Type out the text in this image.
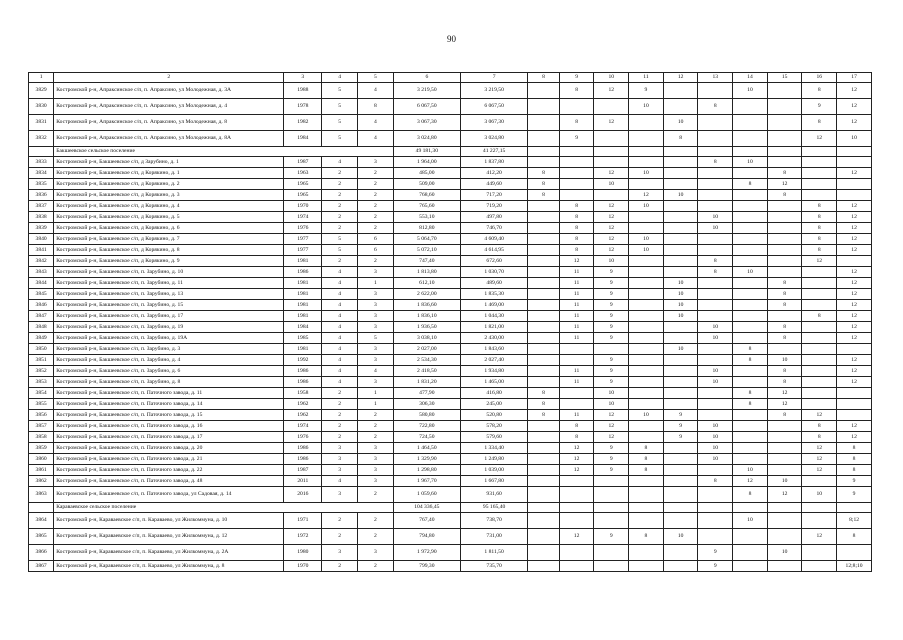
90
1	2	3	4	5	6	7	8	9	10	11	12	13	14	15	16	17
3829	Костромской р-н, Апраксинское с/п, п. Апраксино, ул Молодежная, д. 3А	1988	5	4	3 219,50	3 219,50		8	12	9			10		8	12
3830	Костромской р-н, Апраксинское с/п, п. Апраксино, ул Молодежная, д. 4	1978	5	8	6 067,50	6 067,50				10		8			9	12
3831	Костромской р-н, Апраксинское с/п, п. Апраксино, ул Молодежная, д. 8	1982	5	4	3 067,30	3 067,30		8	12		10				8	12
3832	Костромской р-н, Апраксинское с/п, п. Апраксино, ул Молодежная, д. 8А	1984	5	4	3 024,80	3 024,80		9			8				12	10
	Бакшеевское сельское поселение				49 181,30	41 227,15										
3833	Костромской р-н, Бакшеевское с/п, д Зарубино, д. 1	1987	4	3	1 964,00	1 837,80						8	10			
3834	Костромской р-н, Бакшеевское с/п, д Корякино, д. 1	1963	2	2	485,00	412,20	8		12	10				8		12
3835	Костромской р-н, Бакшеевское с/п, д Корякино, д. 2	1965	2	2	509,00	449,60	8		10				8	12		
3836	Костромской р-н, Бакшеевское с/п, д Корякино, д. 3	1965	2	2	768,60	717,20	8			12	10			8		
3837	Костромской р-н, Бакшеевское с/п, д Корякино, д. 4	1970	2	2	765,60	719,20		8	12	10					8	12
3838	Костромской р-н, Бакшеевское с/п, д Корякино, д. 5	1974	2	2	553,10	497,80		8	12			10			8	12
3839	Костромской р-н, Бакшеевское с/п, д Корякино, д. 6	1976	2	2	812,80	746,70		8	12			10			8	12
3840	Костромской р-н, Бакшеевское с/п, д Корякино, д. 7	1977	5	6	5 064,70	4 609,40		8	12	10					8	12
3841	Костромской р-н, Бакшеевское с/п, д Корякино, д. 8	1977	5	6	5 072,10	4 614,95		8	12	10					8	12
3842	Костромской р-н, Бакшеевское с/п, д Корякино, д. 9	1981	2	2	747,40	672,60		12	10			8			12	
3843	Костромской р-н, Бакшеевское с/п, п. Зарубино, д. 10	1986	4	3	1 813,80	1 030,70		11	9			8	10			12
3844	Костромской р-н, Бакшеевское с/п, п. Зарубино, д. 11	1981	4	1	612,10	489,60		11	9		10			8		12
3845	Костромской р-н, Бакшеевское с/п, п. Зарубино, д. 13	1981	4	3	2 622,00	1 835,30		11	9		10			8		12
3846	Костромской р-н, Бакшеевское с/п, п. Зарубино, д. 15	1981	4	3	1 836,60	1 469,00		11	9		10			8		12
3847	Костромской р-н, Бакшеевское с/п, п. Зарубино, д. 17	1981	4	3	1 836,10	1 044,30		11	9		10				8	12
3848	Костромской р-н, Бакшеевское с/п, п. Зарубино, д. 19	1984	4	3	1 936,50	1 821,00		11	9			10		8		12
3849	Костромской р-н, Бакшеевское с/п, п. Зарубино, д. 19А	1985	4	5	3 038,10	2 430,00		11	9			10		8		12
3850	Костромской р-н, Бакшеевское с/п, п. Зарубино, д. 3	1981	4	3	2 027,00	1 843,60					10		8			
3851	Костромской р-н, Бакшеевское с/п, п. Зарубино, д. 4	1992	4	3	2 534,30	2 027,40			9				8	10		12
3852	Костромской р-н, Бакшеевское с/п, п. Зарубино, д. 6	1986	4	4	2 418,50	1 934,80		11	9			10		8		12
3853	Костромской р-н, Бакшеевское с/п, п. Зарубино, д. 8	1986	4	3	1 831,20	1 465,00		11	9			10		8		12
3854	Костромской р-н, Бакшеевское с/п, п. Паточного завода, д. 11	1958	2	1	477,90	416,80	8		10				8	12		
3855	Костромской р-н, Бакшеевское с/п, п. Паточного завода, д. 14	1962	2	1	306,30	245,00	8		10				8	12		
3856	Костромской р-н, Бакшеевское с/п, п. Паточного завода, д. 15	1962	2	2	580,80	520,80	8	11	12	10	9			8	12	
3857	Костромской р-н, Бакшеевское с/п, п. Паточного завода, д. 16	1974	2	2	722,80	578,20		8	12		9	10			8	12
3858	Костромской р-н, Бакшеевское с/п, п. Паточного завода, д. 17	1976	2	2	724,50	579,60		8	12		9	10			8	12
3859	Костромской р-н, Бакшеевское с/п, п. Паточного завода, д. 20	1986	3	3	1 464,50	1 334,40		12	9	8		10			12	8
3860	Костромской р-н, Бакшеевское с/п, п. Паточного завода, д. 21	1986	3	3	1 329,90	1 249,80		12	9	8		10			12	8
3861	Костромской р-н, Бакшеевское с/п, п. Паточного завода, д. 22	1987	3	3	1 298,80	1 039,00		12	9	8			10		12	8
3862	Костромской р-н, Бакшеевское с/п, п. Паточного завода, д. 48	2011	4	3	1 967,70	1 667,80						8	12	10		9
3863	Костромской р-н, Бакшеевское с/п, п. Паточного завода, ул Садовая, д. 14	2016	3	2	1 059,60	931,60							8	12	10	9
	Караваевское сельское поселение				104 336,45	95 165,40										
3864	Костромской р-н, Караваевское с/п, п. Караваево, ул Жилкоммуна, д. 10	1971	2	2	767,40	738,70							10			8;12
3865	Костромской р-н, Караваевское с/п, п. Караваево, ул Жилкоммуна, д. 12	1972	2	2	794,80	731,00		12	9	8	10				12	8
3866	Костромской р-н, Караваевское с/п, п. Караваево, ул Жилкоммуна, д. 2А	1980	3	3	1 972,90	1 811,50						9		10		
3867	Костромской р-н, Караваевское с/п, п. Караваево, ул Жилкоммуна, д. 8	1970	2	2	799,30	735,70						9				12;8;10
